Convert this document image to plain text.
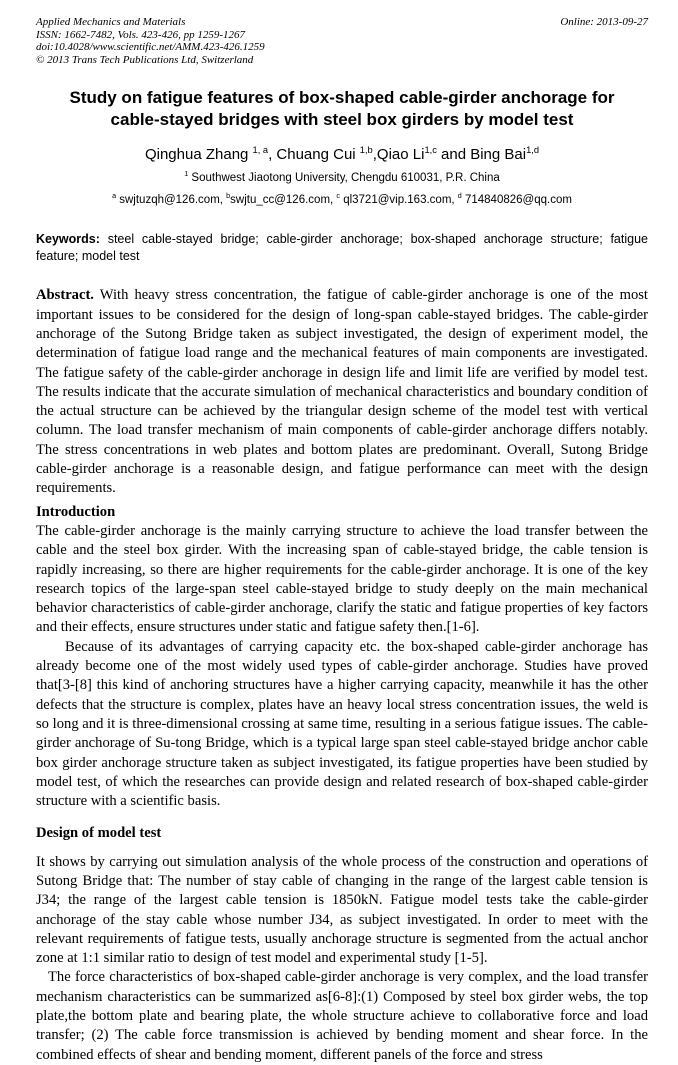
Applied Mechanics and Materials
ISSN: 1662-7482, Vols. 423-426, pp 1259-1267
doi:10.4028/www.scientific.net/AMM.423-426.1259
© 2013 Trans Tech Publications Ltd, Switzerland
Online: 2013-09-27
Study on fatigue features of box-shaped cable-girder anchorage for cable-stayed bridges with steel box girders by model test
Qinghua Zhang $^{1, a}$, Chuang Cui $^{1,b}$,Qiao Li$^{1,c}$ and Bing Bai$^{1,d}$
$^1$ Southwest Jiaotong University, Chengdu 610031, P.R. China
$^a$ swjtuzqh@126.com, $^b$swjtu_cc@126.com, $^c$ ql3721@vip.163.com, $^d$ 714840826@qq.com

Keywords: steel cable-stayed bridge; cable-girder anchorage; box-shaped anchorage structure; fatigue feature; model test

Abstract. With heavy stress concentration, the fatigue of cable-girder anchorage is one of the most important issues to be considered for the design of long-span cable-stayed bridges. The cable-girder anchorage of the Sutong Bridge taken as subject investigated, the design of experiment model, the determination of fatigue load range and the mechanical features of main components are investigated. The fatigue safety of the cable-girder anchorage in design life and limit life are verified by model test. The results indicate that the accurate simulation of mechanical characteristics and boundary condition of the actual structure can be achieved by the triangular design scheme of the model test with vertical column. The load transfer mechanism of main components of cable-girder anchorage differs notably. The stress concentrations in web plates and bottom plates are predominant. Overall, Sutong Bridge cable-girder anchorage is a reasonable design, and fatigue performance can meet with the design requirements.

Introduction

The cable-girder anchorage is the mainly carrying structure to achieve the load transfer between the cable and the steel box girder. With the increasing span of cable-stayed bridge, the cable tension is rapidly increasing, so there are higher requirements for the cable-girder anchorage. It is one of the key research topics of the large-span steel cable-stayed bridge to study deeply on the main mechanical behavior characteristics of cable-girder anchorage, clarify the static and fatigue properties of key factors and their effects, ensure structures under static and fatigue safety then.[1-6].

Because of its advantages of carrying capacity etc. the box-shaped cable-girder anchorage has already become one of the most widely used types of cable-girder anchorage. Studies have proved that[3-[8] this kind of anchoring structures have a higher carrying capacity, meanwhile it has the other defects that the structure is complex, plates have an heavy local stress concentration issues, the weld is so long and it is three-dimensional crossing at same time, resulting in a serious fatigue issues. The cable-girder anchorage of Su-tong Bridge, which is a typical large span steel cable-stayed bridge anchor cable box girder anchorage structure taken as subject investigated, its fatigue properties have been studied by model test, of which the researches can provide design and related research of box-shaped cable-girder structure with a scientific basis.

Design of model test

It shows by carrying out simulation analysis of the whole process of the construction and operations of Sutong Bridge that: The number of stay cable of changing in the range of the largest cable tension is J34; the range of the largest cable tension is 1850kN. Fatigue model tests take the cable-girder anchorage of the stay cable whose number J34, as subject investigated. In order to meet with the relevant requirements of fatigue tests, usually anchorage structure is segmented from the actual anchor zone at 1:1 similar ratio to design of test model and experimental study [1-5].

The force characteristics of box-shaped cable-girder anchorage is very complex, and the load transfer mechanism characteristics can be summarized as[6-8]:(1) Composed by steel box girder webs, the top plate,the bottom plate and bearing plate, the whole structure achieve to collaborative force and load transfer; (2) The cable force transmission is achieved by bending moment and shear force. In the combined effects of shear and bending moment, different panels of the force and stress
